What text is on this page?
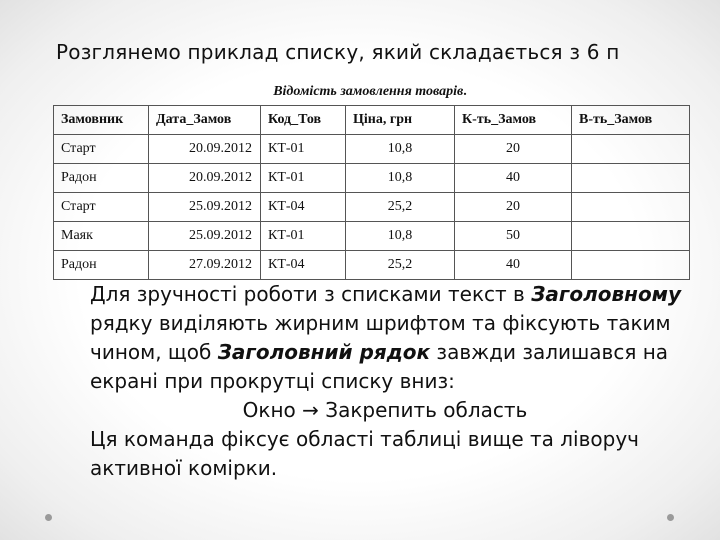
Розглянемо приклад списку, який складається з 6 п
Відомість замовлення товарів.
Замовник	Дата_Замов	Код_Тов	Ціна, грн	К-ть_Замов	В-ть_Замов
Старт	20.09.2012	КТ-01	10,8	20	
Радон	20.09.2012	КТ-01	10,8	40	
Старт	25.09.2012	КТ-04	25,2	20	
Маяк	25.09.2012	КТ-01	10,8	50	
Радон	27.09.2012	КТ-04	25,2	40	

Для зручності роботи з списками текст в Заголовному рядку виділяють жирним шрифтом та фіксують таким чином, щоб Заголовний рядок завжди залишався на екрані при прокрутці списку вниз:

Окно → Закрепить область

Ця команда фіксує області таблиці вище та ліворуч активної комірки.
